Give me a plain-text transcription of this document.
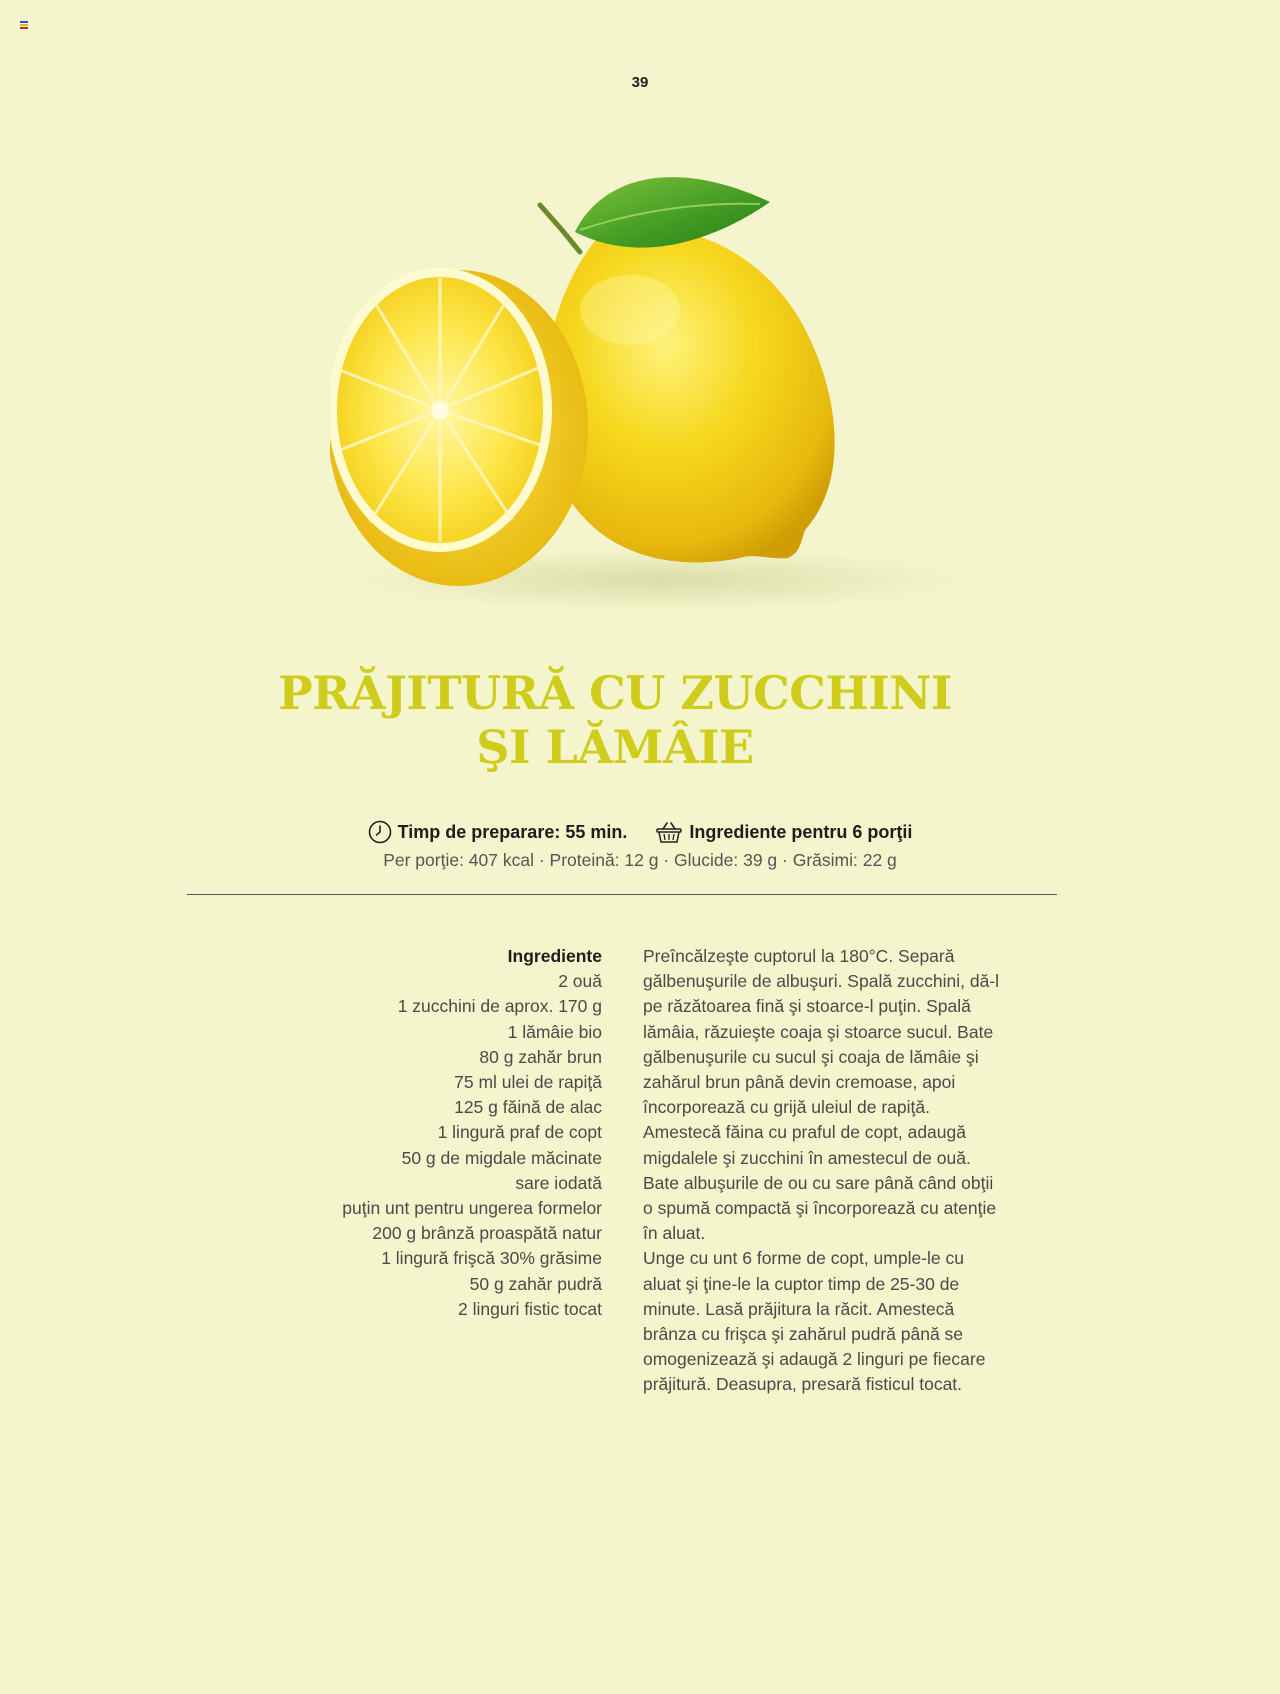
39
PRĂJITURĂ CU ZUCCHINI
ŞI LĂMÂIE
Timp de preparare: 55 min.	Ingrediente pentru 6 porţii
Per porţie: 407 kcal · Proteină: 12 g · Glucide: 39 g · Grăsimi: 22 g
Ingrediente
2 ouă
1 zucchini de aprox. 170 g
1 lămâie bio
80 g zahăr brun
75 ml ulei de rapiţă
125 g făină de alac
1 lingură praf de copt
50 g de migdale măcinate
sare iodată
puţin unt pentru ungerea formelor
200 g brânză proaspătă natur
1 lingură frişcă 30% grăsime
50 g zahăr pudră
2 linguri fistic tocat

Preîncălzeşte cuptorul la 180°C. Separă gălbenuşurile de albuşuri. Spală zucchini, dă-l pe răzătoarea fină şi stoarce-l puţin. Spală lămâia, răzuieşte coaja şi stoarce sucul. Bate gălbenuşurile cu sucul şi coaja de lămâie şi zahărul brun până devin cremoase, apoi încorporează cu grijă uleiul de rapiţă. Amestecă făina cu praful de copt, adaugă migdalele şi zucchini în amestecul de ouă. Bate albuşurile de ou cu sare până când obţii o spumă compactă şi încorporează cu atenţie în aluat.

Unge cu unt 6 forme de copt, umple-le cu aluat şi ţine-le la cuptor timp de 25-30 de minute. Lasă prăjitura la răcit. Amestecă brânza cu frişca şi zahărul pudră până se omogenizează şi adaugă 2 linguri pe fiecare prăjitură. Deasupra, presară fisticul tocat.
